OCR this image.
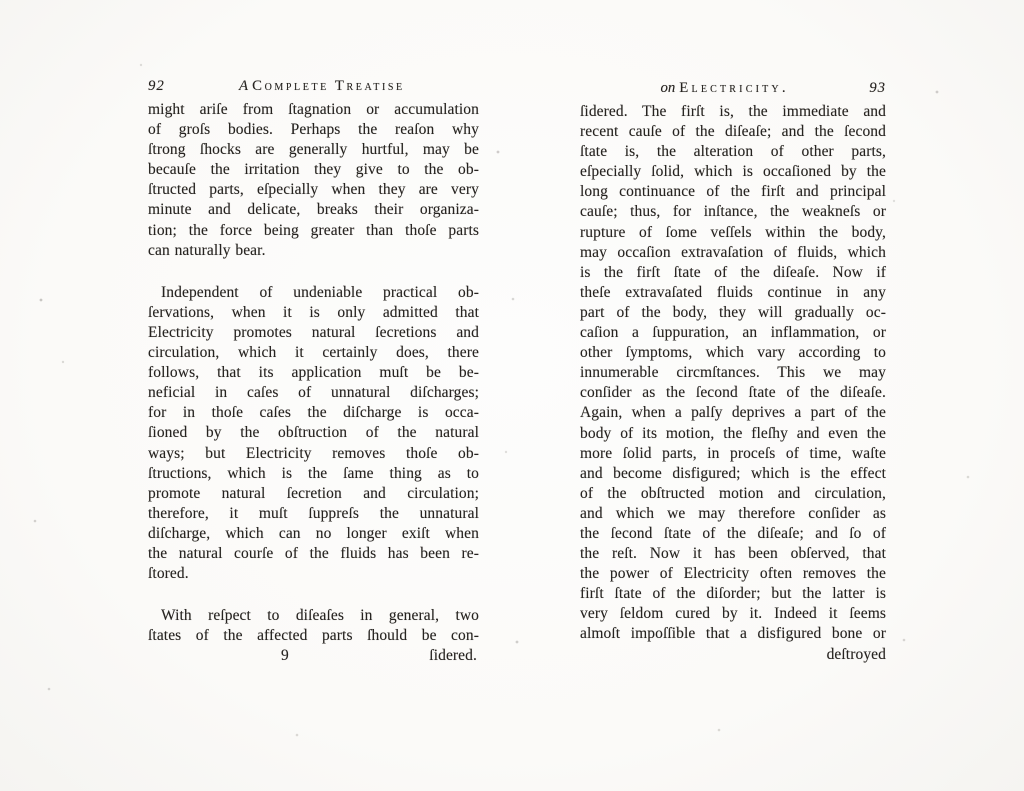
92	A Complete Treatise
might ariſe from ſtagnation or accumulation
of groſs bodies. Perhaps the reaſon why
ſtrong ſhocks are generally hurtful, may be
becauſe the irritation they give to the ob-
ſtructed parts, eſpecially when they are very
minute and delicate, breaks their organiza-
tion; the force being greater than thoſe parts
can naturally bear.
Independent of undeniable practical ob-
ſervations, when it is only admitted that
Electricity promotes natural ſecretions and
circulation, which it certainly does, there
follows, that its application muſt be be-
neficial in caſes of unnatural diſcharges;
for in thoſe caſes the diſcharge is occa-
ſioned by the obſtruction of the natural
ways; but Electricity removes thoſe ob-
ſtructions, which is the ſame thing as to
promote natural ſecretion and circulation;
therefore, it muſt ſuppreſs the unnatural
diſcharge, which can no longer exiſt when
the natural courſe of the fluids has been re-
ſtored.
With reſpect to diſeaſes in general, two
ſtates of the affected parts ſhould be con-
9	ſidered.
on Electricity.	93
ſidered. The firſt is, the immediate and
recent cauſe of the diſeaſe; and the ſecond
ſtate is, the alteration of other parts,
eſpecially ſolid, which is occaſioned by the
long continuance of the firſt and principal
cauſe; thus, for inſtance, the weakneſs or
rupture of ſome veſſels within the body,
may occaſion extravaſation of fluids, which
is the firſt ſtate of the diſeaſe. Now if
theſe extravaſated fluids continue in any
part of the body, they will gradually oc-
caſion a ſuppuration, an inflammation, or
other ſymptoms, which vary according to
innumerable circmſtances. This we may
conſider as the ſecond ſtate of the diſeaſe.
Again, when a palſy deprives a part of the
body of its motion, the fleſhy and even the
more ſolid parts, in proceſs of time, waſte
and become disfigured; which is the effect
of the obſtructed motion and circulation,
and which we may therefore conſider as
the ſecond ſtate of the diſeaſe; and ſo of
the reſt. Now it has been obſerved, that
the power of Electricity often removes the
firſt ſtate of the diſorder; but the latter is
very ſeldom cured by it. Indeed it ſeems
almoſt impoſſible that a disfigured bone or
deſtroyed
